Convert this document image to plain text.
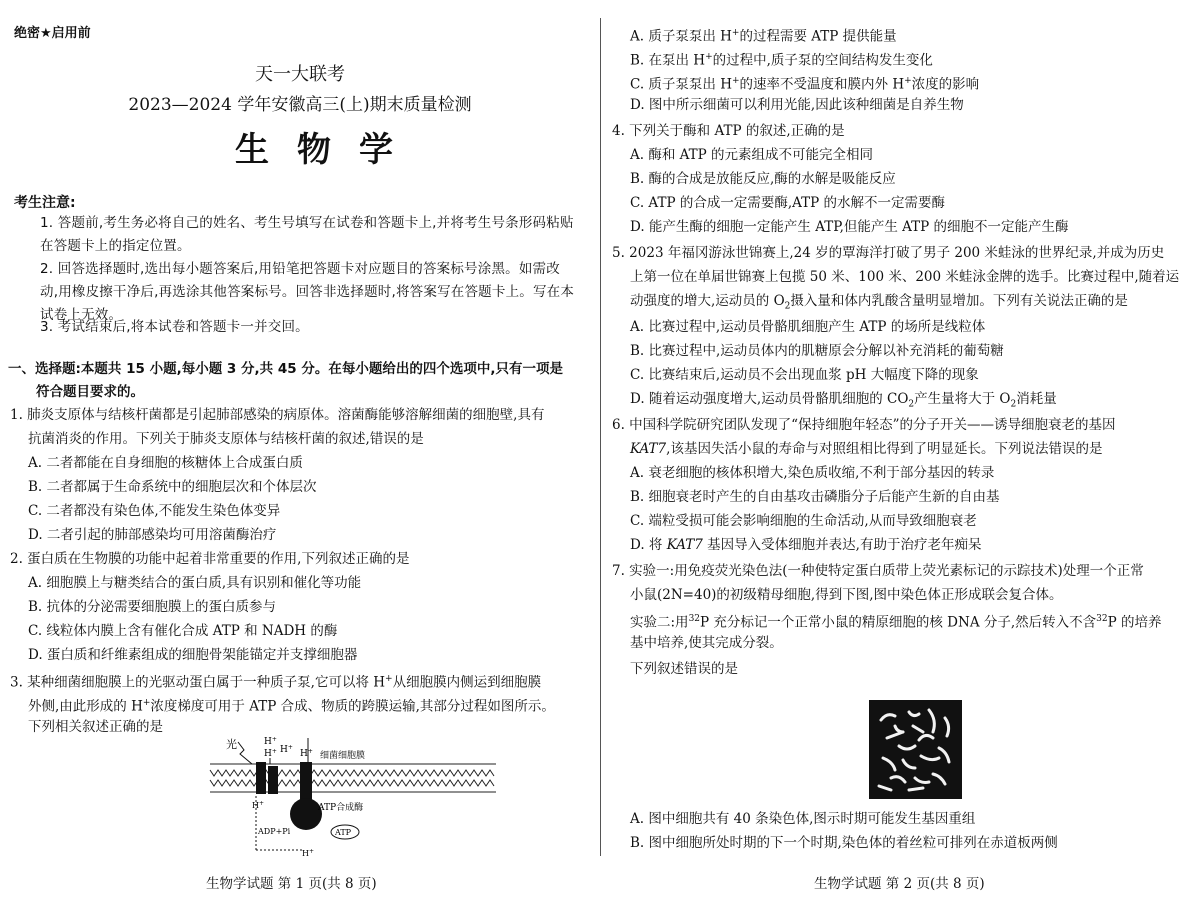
绝密★启用前
天一大联考
2023—2024 学年安徽高三(上)期末质量检测
生物学
考生注意:
1. 答题前,考生务必将自己的姓名、考生号填写在试卷和答题卡上,并将考生号条形码粘贴在答题卡上的指定位置。
2. 回答选择题时,选出每小题答案后,用铅笔把答题卡对应题目的答案标号涂黑。如需改动,用橡皮擦干净后,再选涂其他答案标号。回答非选择题时,将答案写在答题卡上。写在本试卷上无效。
3. 考试结束后,将本试卷和答题卡一并交回。
一、选择题:本题共 15 小题,每小题 3 分,共 45 分。在每小题给出的四个选项中,只有一项是
符合题目要求的。
1. 肺炎支原体与结核杆菌都是引起肺部感染的病原体。溶菌酶能够溶解细菌的细胞壁,具有
抗菌消炎的作用。下列关于肺炎支原体与结核杆菌的叙述,错误的是
A. 二者都能在自身细胞的核糖体上合成蛋白质
B. 二者都属于生命系统中的细胞层次和个体层次
C. 二者都没有染色体,不能发生染色体变异
D. 二者引起的肺部感染均可用溶菌酶治疗
2. 蛋白质在生物膜的功能中起着非常重要的作用,下列叙述正确的是
A. 细胞膜上与糖类结合的蛋白质,具有识别和催化等功能
B. 抗体的分泌需要细胞膜上的蛋白质参与
C. 线粒体内膜上含有催化合成 ATP 和 NADH 的酶
D. 蛋白质和纤维素组成的细胞骨架能锚定并支撑细胞器
3. 某种细菌细胞膜上的光驱动蛋白属于一种质子泵,它可以将 H+从细胞膜内侧运到细胞膜
外侧,由此形成的 H+浓度梯度可用于 ATP 合成、物质的跨膜运输,其部分过程如图所示。
下列相关叙述正确的是
光	H+
H+
H+	H+ 细菌细胞膜
ATP合成酶
ATP
ADP+Pi
H+
H+
生物学试题 第 1 页(共 8 页)
A. 质子泵泵出 H+的过程需要 ATP 提供能量
B. 在泵出 H+的过程中,质子泵的空间结构发生变化
C. 质子泵泵出 H+的速率不受温度和膜内外 H+浓度的影响
D. 图中所示细菌可以利用光能,因此该种细菌是自养生物
4. 下列关于酶和 ATP 的叙述,正确的是
A. 酶和 ATP 的元素组成不可能完全相同
B. 酶的合成是放能反应,酶的水解是吸能反应
C. ATP 的合成一定需要酶,ATP 的水解不一定需要酶
D. 能产生酶的细胞一定能产生 ATP,但能产生 ATP 的细胞不一定能产生酶
5. 2023 年福冈游泳世锦赛上,24 岁的覃海洋打破了男子 200 米蛙泳的世界纪录,并成为历史
上第一位在单届世锦赛上包揽 50 米、100 米、200 米蛙泳金牌的选手。比赛过程中,随着运
动强度的增大,运动员的 $O_2$摄入量和体内乳酸含量明显增加。下列有关说法正确的是
A. 比赛过程中,运动员骨骼肌细胞产生 ATP 的场所是线粒体
B. 比赛过程中,运动员体内的肌糖原会分解以补充消耗的葡萄糖
C. 比赛结束后,运动员不会出现血浆 pH 大幅度下降的现象
D. 随着运动强度增大,运动员骨骼肌细胞的 $CO_2$产生量将大于 $O_2$消耗量
6. 中国科学院研究团队发现了“保持细胞年轻态”的分子开关——诱导细胞衰老的基因
KAT7,该基因失活小鼠的寿命与对照组相比得到了明显延长。下列说法错误的是
A. 衰老细胞的核体积增大,染色质收缩,不利于部分基因的转录
B. 细胞衰老时产生的自由基攻击磷脂分子后能产生新的自由基
C. 端粒受损可能会影响细胞的生命活动,从而导致细胞衰老
D. 将 KAT7 基因导入受体细胞并表达,有助于治疗老年痴呆
7. 实验一:用免疫荧光染色法(一种使特定蛋白质带上荧光素标记的示踪技术)处理一个正常
小鼠(2N=40)的初级精母细胞,得到下图,图中染色体正形成联会复合体。
实验二:用$^{32}$P 充分标记一个正常小鼠的精原细胞的核 DNA 分子,然后转入不含$^{32}$P 的培养
基中培养,使其完成分裂。
下列叙述错误的是
A. 图中细胞共有 40 条染色体,图示时期可能发生基因重组
B. 图中细胞所处时期的下一个时期,染色体的着丝粒可排列在赤道板两侧
生物学试题 第 2 页(共 8 页)
